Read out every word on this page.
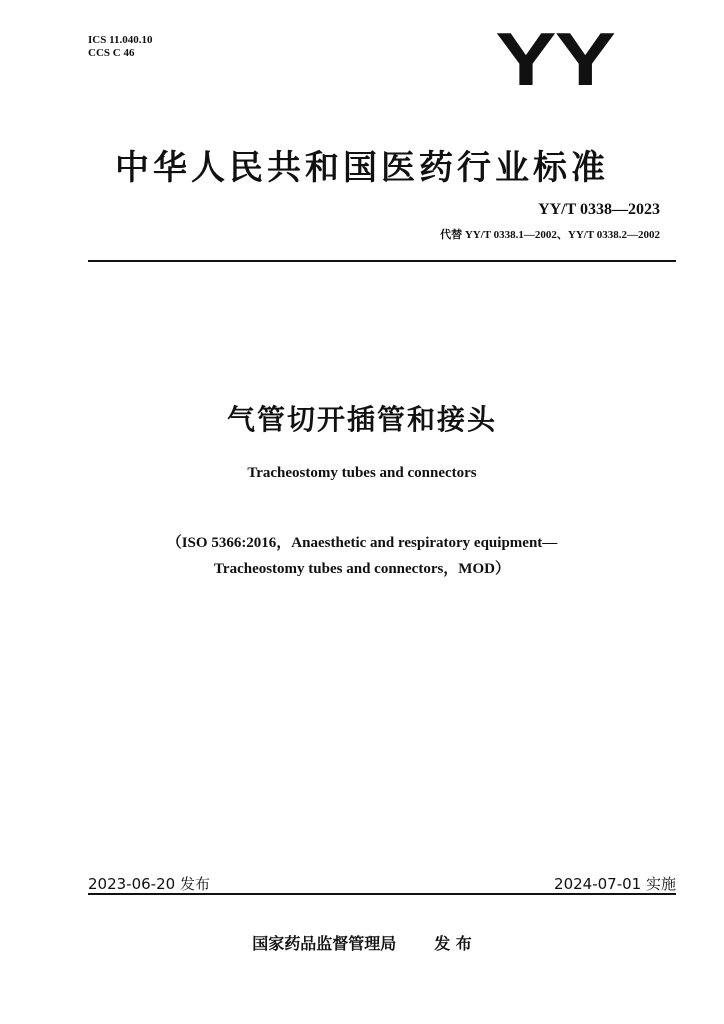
ICS 11.040.10
CCS C 46	YY
中华人民共和国医药行业标准
YY/T 0338—2023
代替 YY/T 0338.1—2002、YY/T 0338.2—2002
气管切开插管和接头
Tracheostomy tubes and connectors
（ISO 5366:2016，Anaesthetic and respiratory equipment—
Tracheostomy tubes and connectors，MOD）
2023-06-20 发布	2024-07-01 实施
国家药品监督管理局 发 布
